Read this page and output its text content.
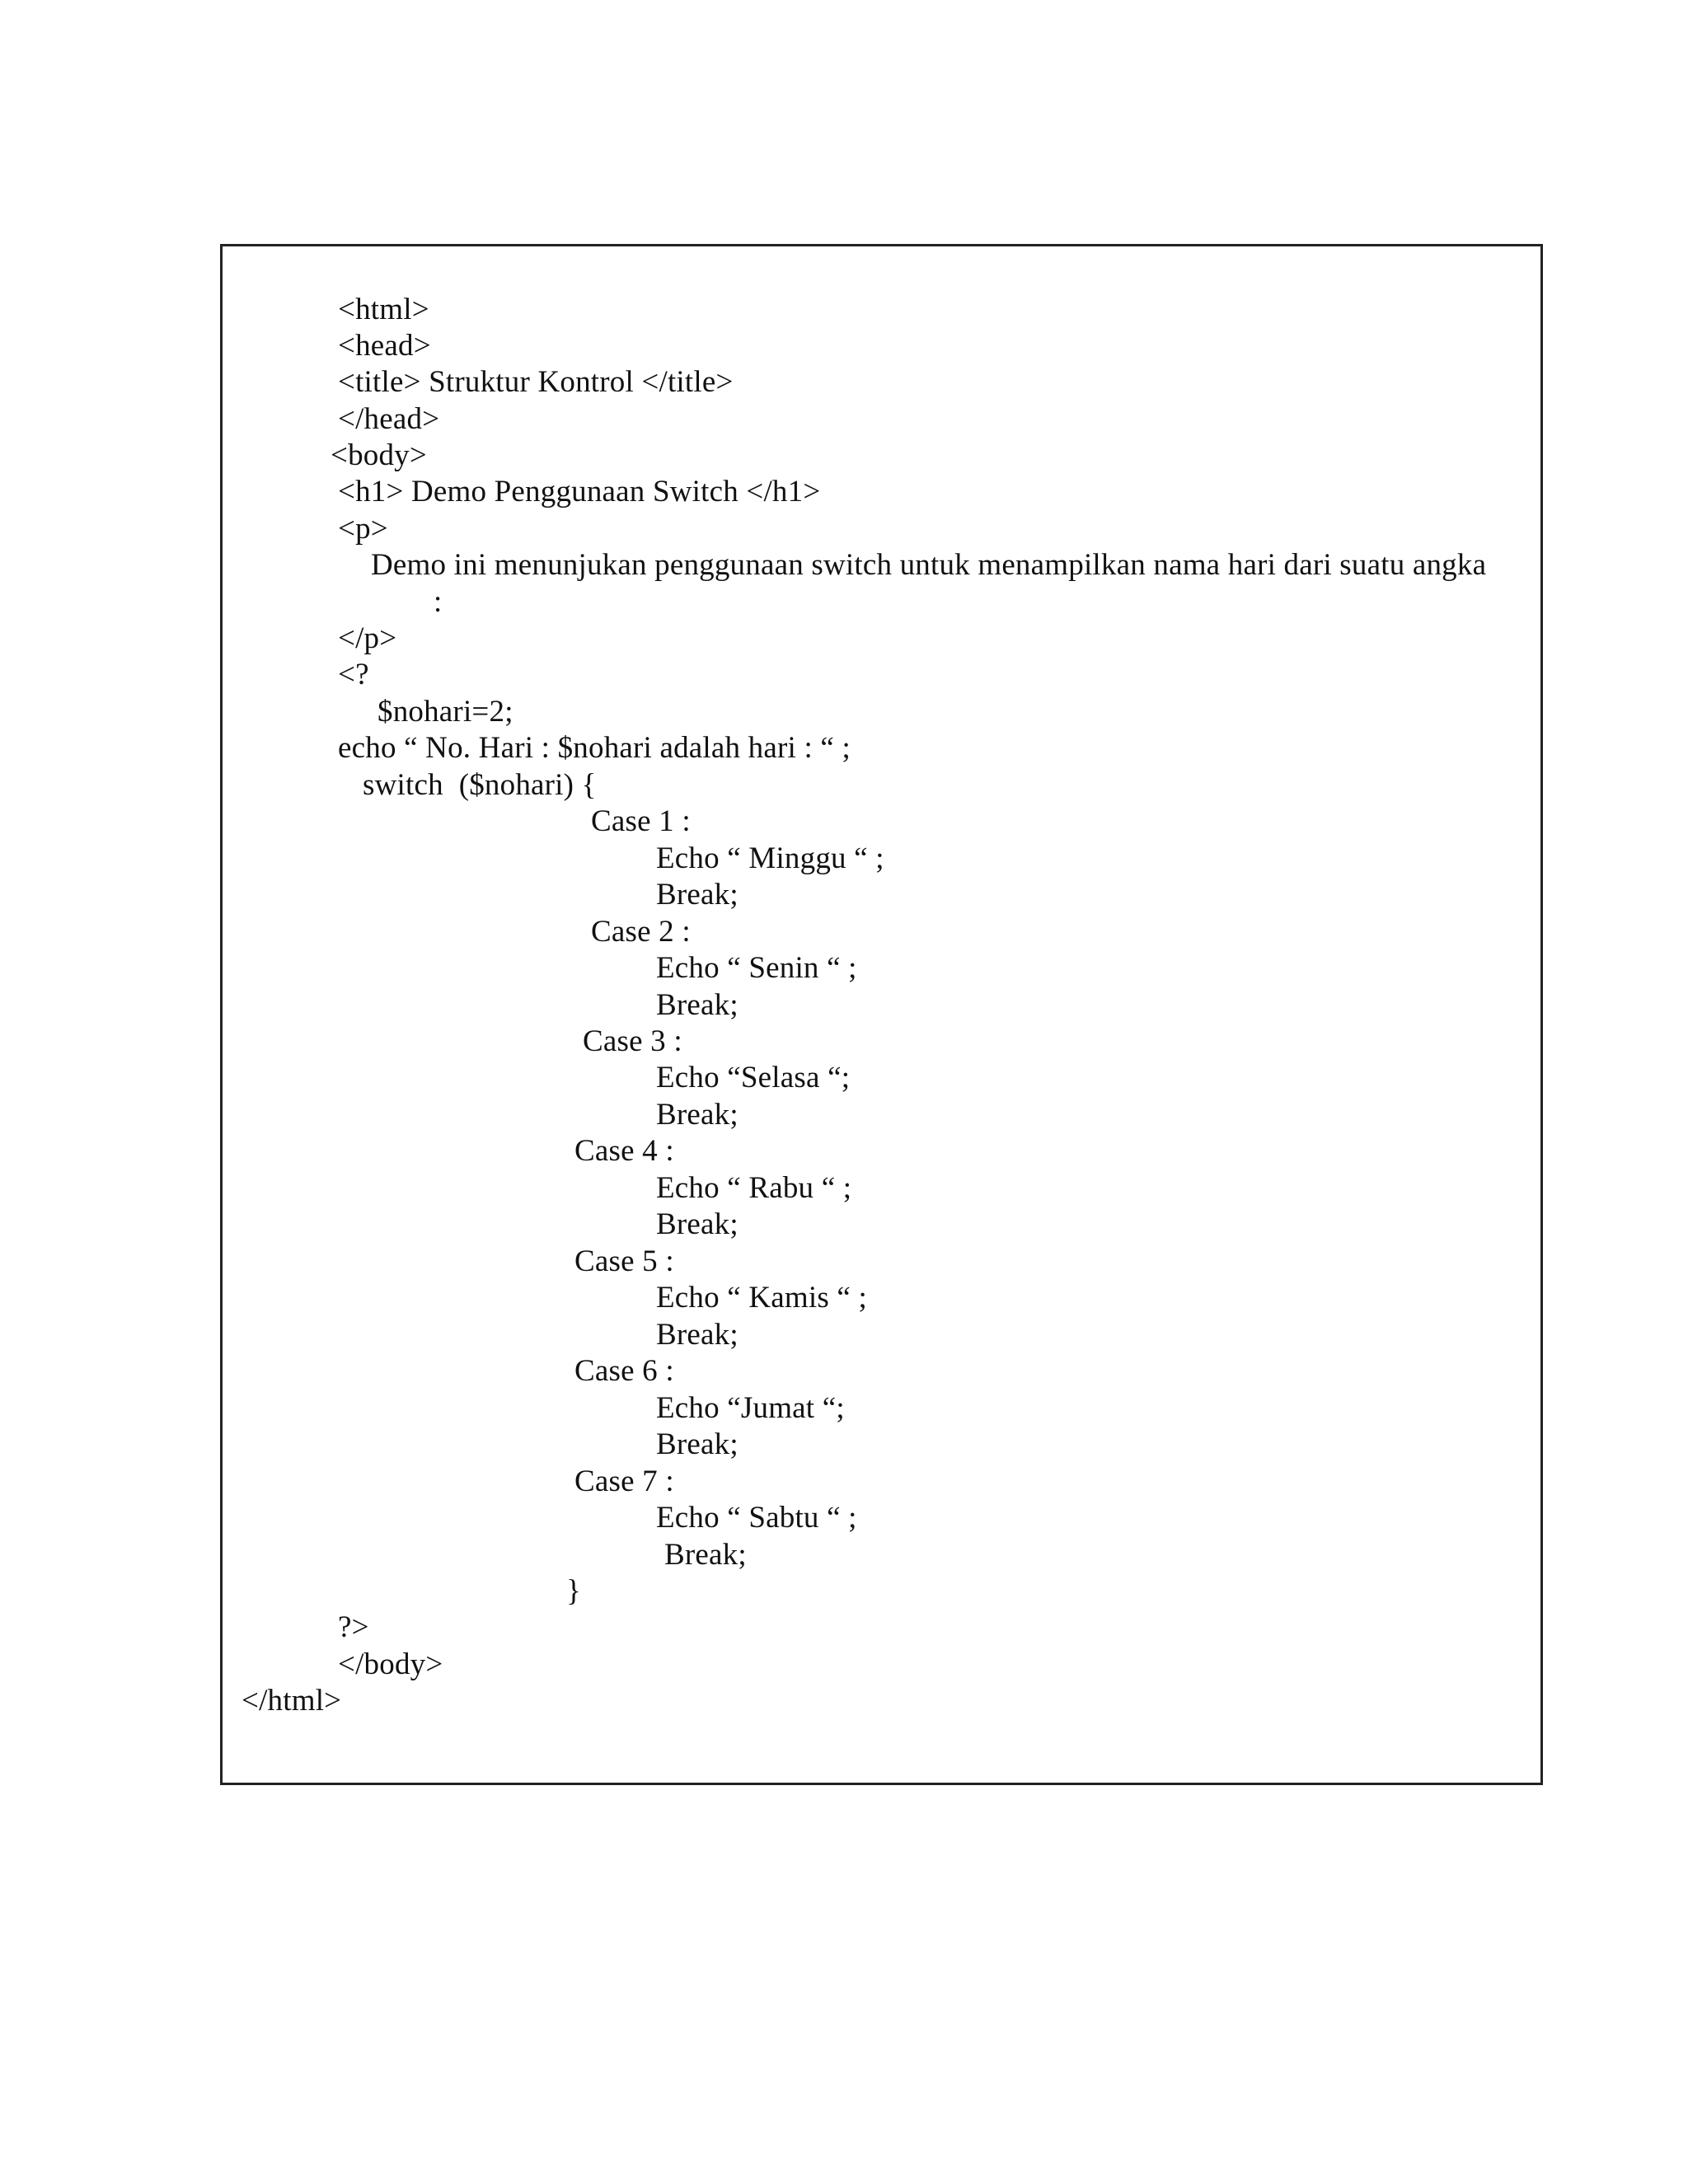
<html>
<head>
<title> Struktur Kontrol </title>
</head>
<body>
<h1> Demo Penggunaan Switch </h1>
<p>
Demo ini menunjukan penggunaan switch untuk menampilkan nama hari dari suatu angka
:
</p>
<?
$nohari=2;
echo “ No. Hari : $nohari adalah hari : “ ;
switch  ($nohari) {
Case 1 :
Echo “ Minggu “ ;
Break;
Case 2 :
Echo “ Senin “ ;
Break;
Case 3 :
Echo “Selasa “;
Break;
Case 4 :
Echo “ Rabu “ ;
Break;
Case 5 :
Echo “ Kamis “ ;
Break;
Case 6 :
Echo “Jumat “;
Break;
Case 7 :
Echo “ Sabtu “ ;
Break;
}
?>
</body>
</html>
